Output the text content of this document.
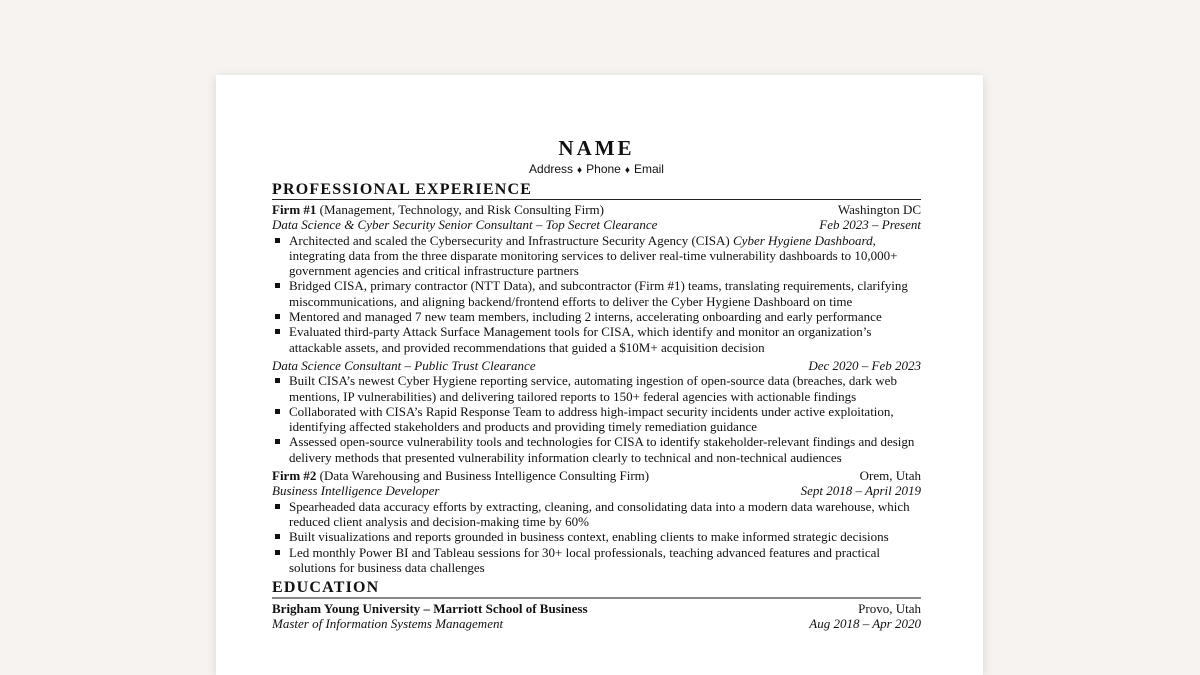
NAME
Address ♦ Phone ♦ Email
PROFESSIONAL EXPERIENCE
Firm #1 (Management, Technology, and Risk Consulting Firm)	Washington DC
Data Science & Cyber Security Senior Consultant – Top Secret Clearance	Feb 2023 – Present
Architected and scaled the Cybersecurity and Infrastructure Security Agency (CISA) Cyber Hygiene Dashboard, integrating data from the three disparate monitoring services to deliver real-time vulnerability dashboards to 10,000+ government agencies and critical infrastructure partners
Bridged CISA, primary contractor (NTT Data), and subcontractor (Firm #1) teams, translating requirements, clarifying miscommunications, and aligning backend/frontend efforts to deliver the Cyber Hygiene Dashboard on time
Mentored and managed 7 new team members, including 2 interns, accelerating onboarding and early performance
Evaluated third-party Attack Surface Management tools for CISA, which identify and monitor an organization’s attackable assets, and provided recommendations that guided a $10M+ acquisition decision
Data Science Consultant – Public Trust Clearance	Dec 2020 – Feb 2023
Built CISA’s newest Cyber Hygiene reporting service, automating ingestion of open-source data (breaches, dark web mentions, IP vulnerabilities) and delivering tailored reports to 150+ federal agencies with actionable findings
Collaborated with CISA’s Rapid Response Team to address high-impact security incidents under active exploitation, identifying affected stakeholders and products and providing timely remediation guidance
Assessed open-source vulnerability tools and technologies for CISA to identify stakeholder-relevant findings and design delivery methods that presented vulnerability information clearly to technical and non-technical audiences
Firm #2 (Data Warehousing and Business Intelligence Consulting Firm)	Orem, Utah
Business Intelligence Developer	Sept 2018 – April 2019
Spearheaded data accuracy efforts by extracting, cleaning, and consolidating data into a modern data warehouse, which reduced client analysis and decision-making time by 60%
Built visualizations and reports grounded in business context, enabling clients to make informed strategic decisions
Led monthly Power BI and Tableau sessions for 30+ local professionals, teaching advanced features and practical solutions for business data challenges
EDUCATION
Brigham Young University – Marriott School of Business	Provo, Utah
Master of Information Systems Management	Aug 2018 – Apr 2020
